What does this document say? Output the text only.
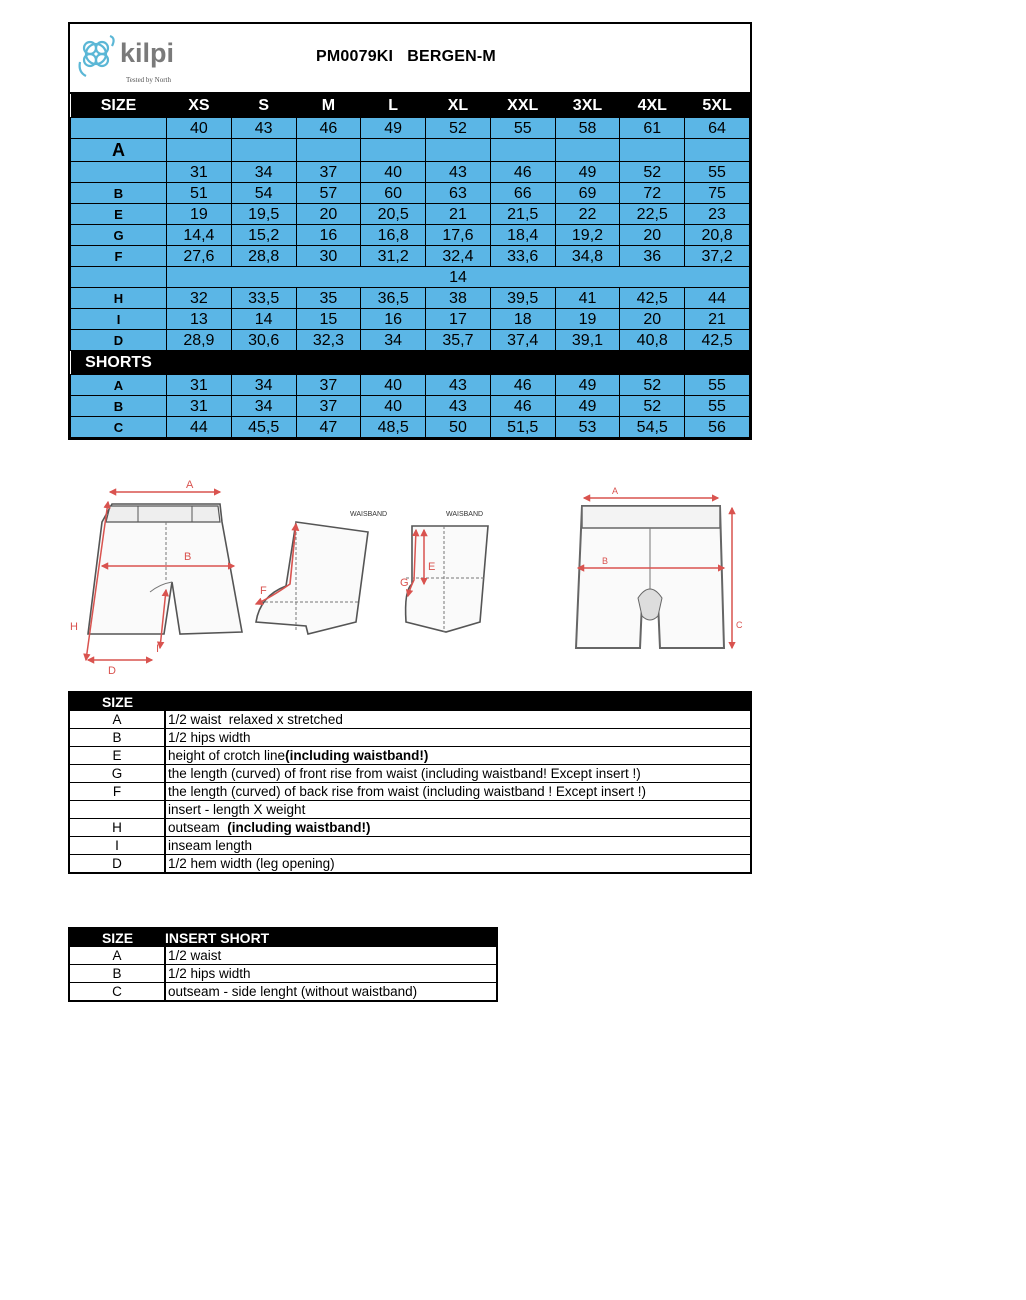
kilpi
Tested by North
PM0079KI BERGEN-M
SIZE	XS	S	M	L	XL	XXL	3XL	4XL	5XL
	40	43	46	49	52	55	58	61	64
A									
	31	34	37	40	43	46	49	52	55
B	51	54	57	60	63	66	69	72	75
E	19	19,5	20	20,5	21	21,5	22	22,5	23
G	14,4	15,2	16	16,8	17,6	18,4	19,2	20	20,8
F	27,6	28,8	30	31,2	32,4	33,6	34,8	36	37,2
	14								
H	32	33,5	35	36,5	38	39,5	41	42,5	44
I	13	14	15	16	17	18	19	20	21
D	28,9	30,6	32,3	34	35,7	37,4	39,1	40,8	42,5
SHORTS									
A	31	34	37	40	43	46	49	52	55
B	31	34	37	40	43	46	49	52	55
C	44	45,5	47	48,5	50	51,5	53	54,5	56
A
B
H
I
D
WAISBAND
F
WAISBAND
G
E
A
B
C
SIZE	
A	1/2 waist  relaxed x stretched
B	1/2 hips width
E	height of crotch line(including waistband!)
G	the length (curved) of front rise from waist (including waistband! Except insert !)
F	the length (curved) of back rise from waist (including waistband ! Except insert !)
	insert - length X weight
H	outseam  (including waistband!)
I	inseam length
D	1/2 hem width (leg opening)
SIZE	INSERT SHORT
A	1/2 waist
B	1/2 hips width
C	outseam - side lenght (without waistband)
